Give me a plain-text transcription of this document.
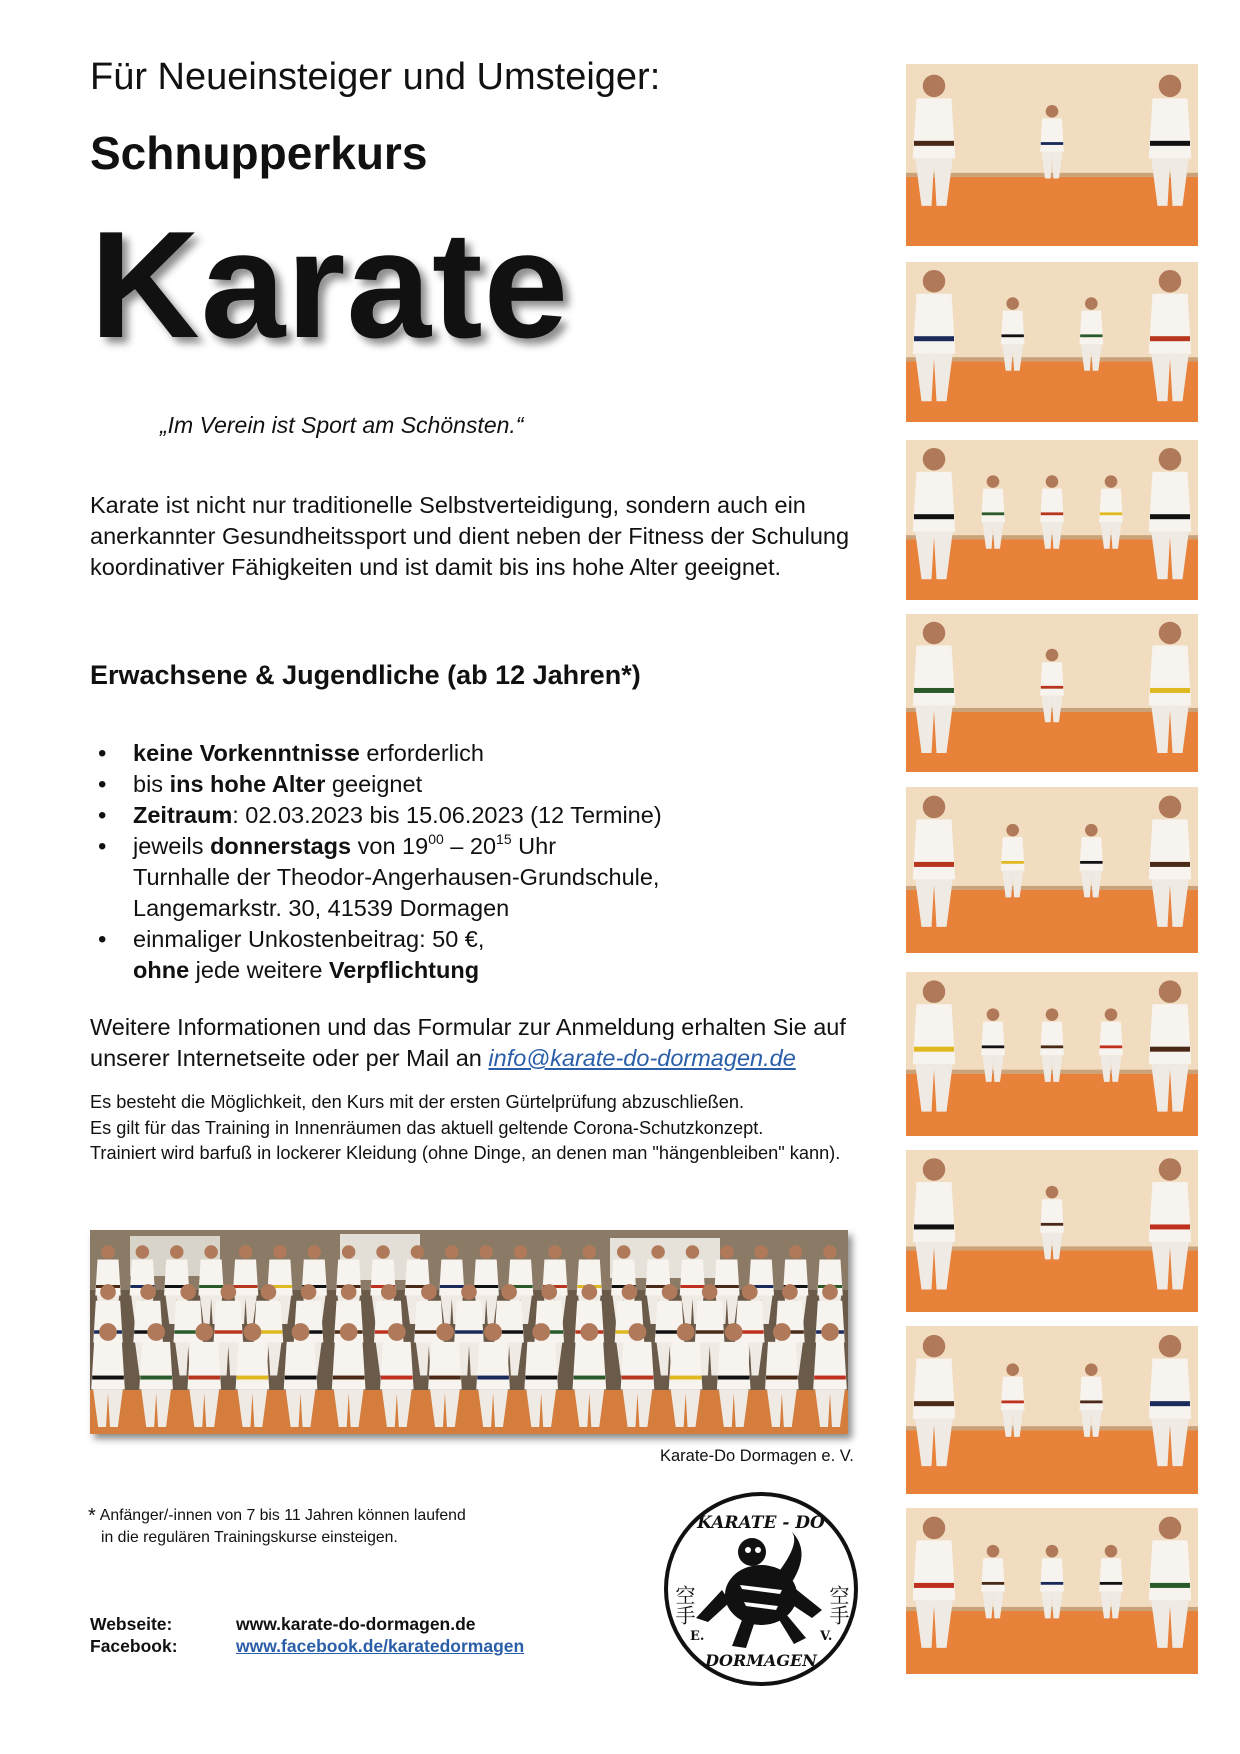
Für Neueinsteiger und Umsteiger:
Schnupperkurs
Karate
„Im Verein ist Sport am Schönsten.“
Karate ist nicht nur traditionelle Selbstverteidigung, sondern auch ein anerkannter Gesundheitssport und dient neben der Fitness der Schulung koordinativer Fähigkeiten und ist damit bis ins hohe Alter geeignet.
Erwachsene & Jugendliche (ab 12 Jahren*)
• keine Vorkenntnisse erforderlich
• bis ins hohe Alter geeignet
• Zeitraum: 02.03.2023 bis 15.06.2023 (12 Termine)
• jeweils donnerstags von $19^{00} - 20^{15}$ Uhr
Turnhalle der Theodor-Angerhausen-Grundschule,
Langemarkstr. 30, 41539 Dormagen
• einmaliger Unkostenbeitrag: 50 €,
ohne jede weitere Verpflichtung
Weitere Informationen und das Formular zur Anmeldung erhalten Sie auf unserer Internetseite oder per Mail an info@karate-do-dormagen.de

Es besteht die Möglichkeit, den Kurs mit der ersten Gürtelprüfung abzuschließen.

Es gilt für das Training in Innenräumen das aktuell geltende Corona-Schutzkonzept.

Trainiert wird barfuß in lockerer Kleidung (ohne Dinge, an denen man "hängenbleiben" kann).

Karate-Do Dormagen e. V.
* Anfänger/-innen von 7 bis 11 Jahren können laufend
in die regulären Trainingskurse einsteigen.
Webseite:	www.karate-do-dormagen.de
Facebook:	www.facebook.de/karatedormagen
KARATE - DO
DORMAGEN
空手	空手
E.	V.
